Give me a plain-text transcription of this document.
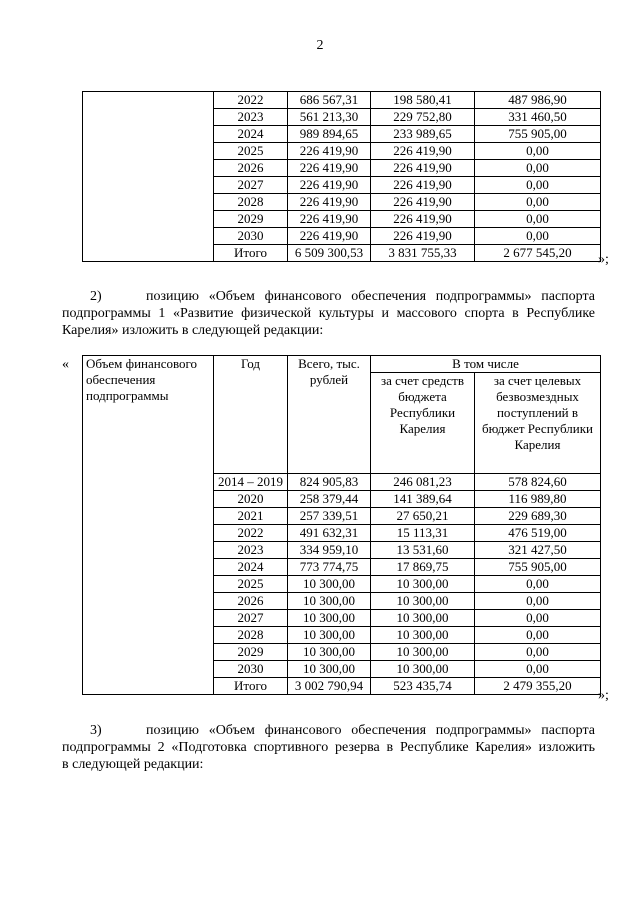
2
	2022	686 567,31	198 580,41	487 986,90
	2023	561 213,30	229 752,80	331 460,50
	2024	989 894,65	233 989,65	755 905,00
	2025	226 419,90	226 419,90	0,00
	2026	226 419,90	226 419,90	0,00
	2027	226 419,90	226 419,90	0,00
	2028	226 419,90	226 419,90	0,00
	2029	226 419,90	226 419,90	0,00
	2030	226 419,90	226 419,90	0,00
	Итого	6 509 300,53	3 831 755,33	2 677 545,20 »;
2)	позицию «Объем финансового обеспечения подпрограммы» паспорта
подпрограммы 1 «Развитие физической культуры и массового спорта в Республике
Карелия» изложить в следующей редакции:
« Объем финансового обеспечения подпрограммы	Год	Всего, тыс. рублей	В том числе	
			за счет средств бюджета Республики Карелия	за счет целевых безвозмездных поступлений в бюджет Республики Карелия
	2014 – 2019	824 905,83	246 081,23	578 824,60
	2020	258 379,44	141 389,64	116 989,80
	2021	257 339,51	27 650,21	229 689,30
	2022	491 632,31	15 113,31	476 519,00
	2023	334 959,10	13 531,60	321 427,50
	2024	773 774,75	17 869,75	755 905,00
	2025	10 300,00	10 300,00	0,00
	2026	10 300,00	10 300,00	0,00
	2027	10 300,00	10 300,00	0,00
	2028	10 300,00	10 300,00	0,00
	2029	10 300,00	10 300,00	0,00
	2030	10 300,00	10 300,00	0,00
	Итого	3 002 790,94	523 435,74	2 479 355,20
»;
3)	позицию «Объем финансового обеспечения подпрограммы» паспорта
подпрограммы 2 «Подготовка спортивного резерва в Республике Карелия» изложить
в следующей редакции:
